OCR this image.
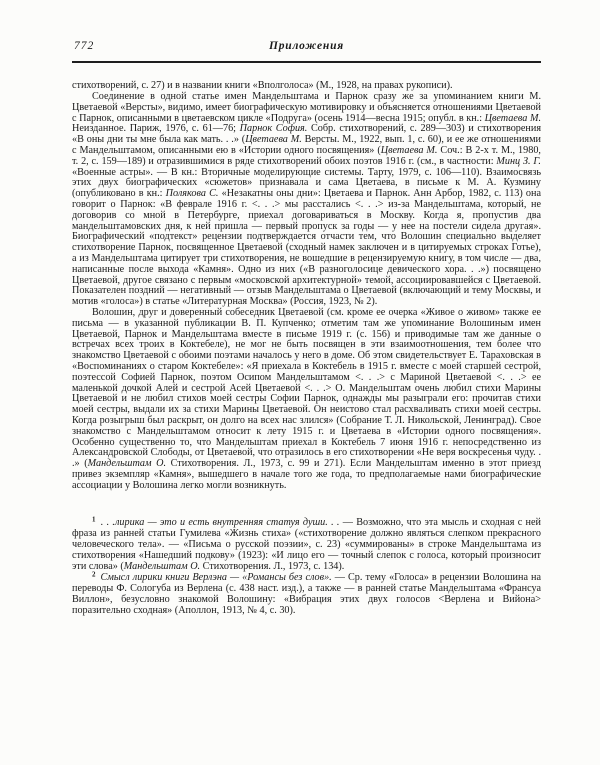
772	Приложения

стихотворений, с. 27) и в названии книги «Вполголоса» (М., 1928, на правах рукописи).

Соединение в одной статье имен Мандельштама и Парнок сразу же за упоминанием книги М. Цветаевой «Версты», видимо, имеет биографическую мотивировку и объясняется отношениями Цветаевой с Парнок, описанными в цветаевском цикле «Подруга» (осень 1914—весна 1915; опубл. в кн.: Цветаева М. Неизданное. Париж, 1976, с. 61—76; Парнок София. Собр. стихотворений, с. 289—303) и стихотворения «В оны дни ты мне была как мать. . .» (Цветаева М. Версты. М., 1922, вып. 1, с. 60), и ее же отношениями с Мандельштамом, описанными ею в «Истории одного посвящения» (Цветаева М. Соч.: В 2-х т. М., 1980, т. 2, с. 159—189) и отразившимися в ряде стихотворений обоих поэтов 1916 г. (см., в частности: Минц З. Г. «Военные астры». — В кн.: Вторичные моделирующие системы. Тарту, 1979, с. 106—110). Взаимосвязь этих двух биографических «сюжетов» признавала и сама Цветаева, в письме к М. А. Кузмину (опубликовано в кн.: Полякова С. «Незакатны оны дни»: Цветаева и Парнок. Анн Арбор, 1982, с. 113) она говорит о Парнок: «В феврале 1916 г. <. . .> мы расстались <. . .> из-за Мандельштама, который, не договорив со мной в Петербурге, приехал договариваться в Москву. Когда я, пропустив два мандельштамовских дня, к ней пришла — первый пропуск за годы — у нее на постели сидела другая». Биографический «подтекст» рецензии подтверждается отчасти тем, что Волошин специально выделяет стихотворение Парнок, посвященное Цветаевой (сходный намек заключен и в цитируемых строках Готье), а из Мандельштама цитирует три стихотворения, не вошедшие в рецензируемую книгу, в том числе — два, написанные после выхода «Камня». Одно из них («В разноголосице девического хора. . .») посвящено Цветаевой, другое связано с первым «московской архитектурной» темой, ассоциировавшейся с Цветаевой. Показателен поздний — негативный — отзыв Мандельштама о Цветаевой (включающий и тему Москвы, и мотив «голоса») в статье «Литературная Москва» (Россия, 1923, № 2).

Волошин, друг и доверенный собеседник Цветаевой (см. кроме ее очерка «Живое о живом» также ее письма — в указанной публикации В. П. Купченко; отметим там же упоминание Волошиным имен Цветаевой, Парнок и Мандельштама вместе в письме 1919 г. (с. 156) и приводимые там же данные о встречах всех троих в Коктебеле), не мог не быть посвящен в эти взаимоотношения, тем более что знакомство Цветаевой с обоими поэтами началось у него в доме. Об этом свидетельствует Е. Тараховская в «Воспоминаниях о старом Коктебеле»: «Я приехала в Коктебель в 1915 г. вместе с моей старшей сестрой, поэтессой Софией Парнок, поэтом Осипом Мандельштамом <. . .> с Мариной Цветаевой <. . .> ее маленькой дочкой Алей и сестрой Асей Цветаевой <. . .> О. Мандельштам очень любил стихи Марины Цветаевой и не любил стихов моей сестры Софии Парнок, однажды мы разыграли его: прочитав стихи моей сестры, выдали их за стихи Марины Цветаевой. Он неистово стал расхваливать стихи моей сестры. Когда розыгрыш был раскрыт, он долго на всех нас злился» (Собрание Т. Л. Никольской, Ленинград). Свое знакомство с Мандельштамом относит к лету 1915 г. и Цветаева в «Истории одного посвящения». Особенно существенно то, что Мандельштам приехал в Коктебель 7 июня 1916 г. непосредственно из Александровской Слободы, от Цветаевой, что отразилось в его стихотворении «Не веря воскресенья чуду. . .» (Мандельштам О. Стихотворения. Л., 1973, с. 99 и 271). Если Мандельштам именно в этот приезд привез экземпляр «Камня», вышедшего в начале того же года, то предполагаемые нами биографические ассоциации у Волошина легко могли возникнуть.

$^1$ . . .лирика — это и есть внутренняя статуя души. . . — Возможно, что эта мысль и сходная с ней фраза из ранней статьи Гумилева «Жизнь стиха» («стихотворение должно являться слепком прекрасного человеческого тела». — «Письма о русской поэзии», с. 23) «суммированы» в строке Мандельштама из стихотворения «Нашедший подкову» (1923): «И лицо его — точный слепок с голоса, который произносит эти слова» (Мандельштам О. Стихотворения. Л., 1973, с. 134).

$^2$ Смысл лирики книги Верлэна — «Романсы без слов». — Ср. тему «Голоса» в рецензии Волошина на переводы Ф. Сологуба из Верлена (с. 438 наст. изд.), а также — в ранней статье Мандельштама «Франсуа Виллон», безусловно знакомой Волошину: «Вибрация этих двух голосов <Верлена и Вийона> поразительно сходная» (Аполлон, 1913, № 4, с. 30).
